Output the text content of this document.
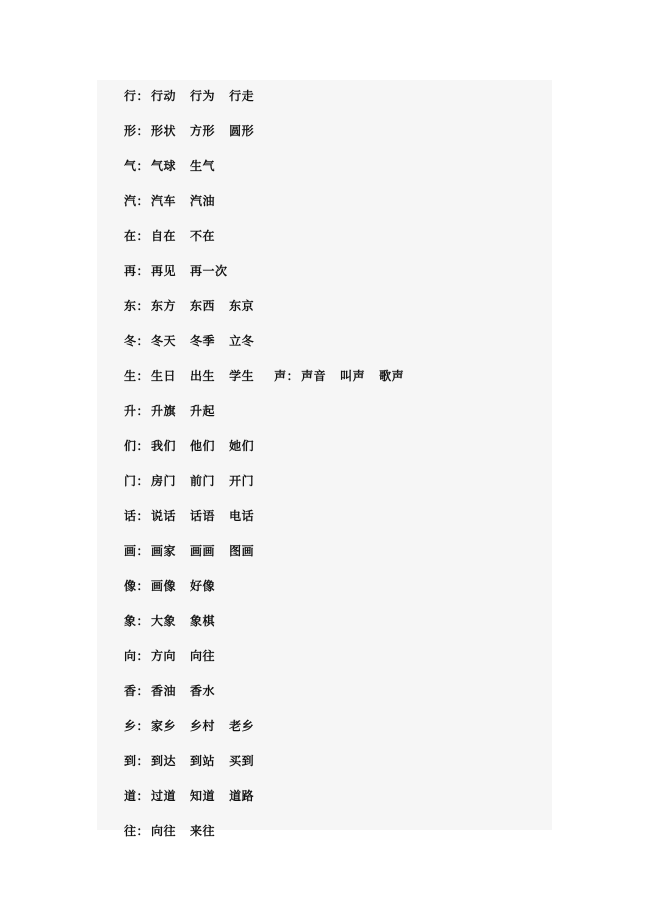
行 ： 行动 行为 行走
形 ： 形状 方形 圆形
气 ： 气球 生气
汽 ： 汽车 汽油
在 ： 自在 不在
再 ： 再见 再一次
东 ： 东方 东西 东京
冬 ： 冬天 冬季 立冬
生 ： 生日 出生 学生 声 ： 声音 叫声 歌声
升 ： 升旗 升起
们 ： 我们 他们 她们
门 ： 房门 前门 开门
话 ： 说话 话语 电话
画 ： 画家 画画 图画
像 ： 画像 好像
象 ： 大象 象棋
向 ： 方向 向往
香 ： 香油 香水
乡 ： 家乡 乡村 老乡
到 ： 到达 到站 买到
道 ： 过道 知道 道路
往 ： 向往 来往
